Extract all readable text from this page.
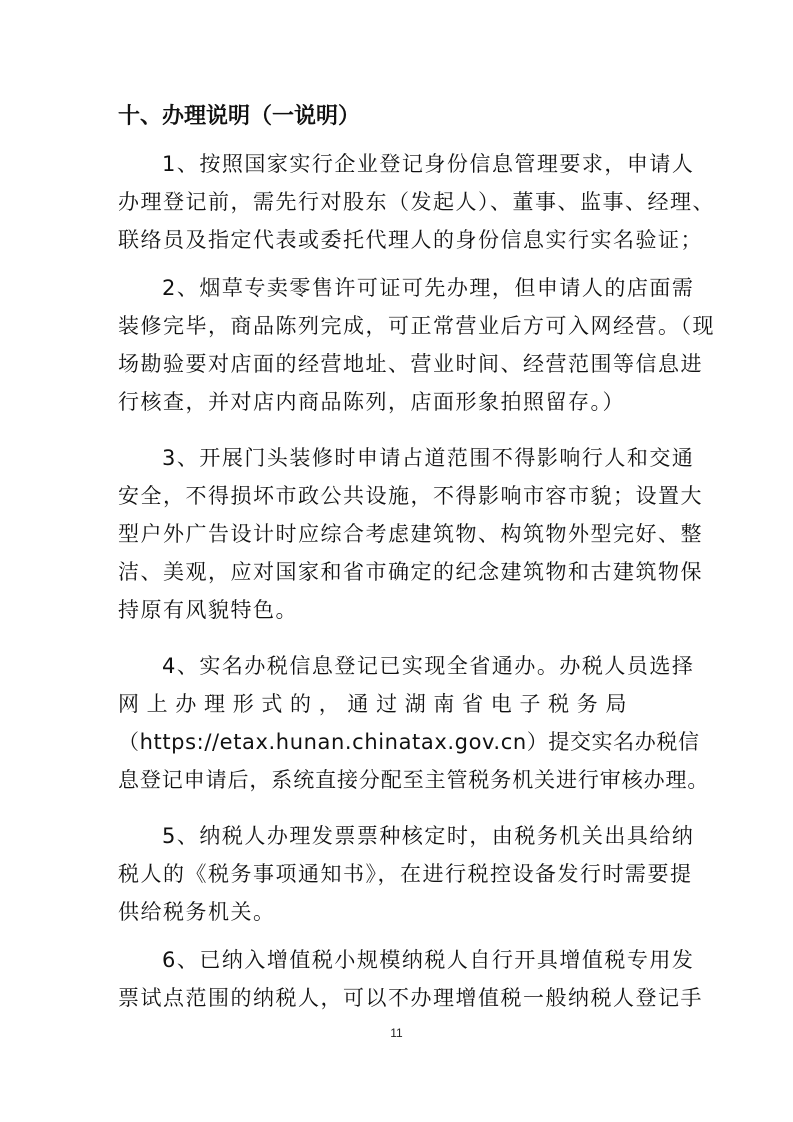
十、办理说明（一说明）

1、按照国家实行企业登记身份信息管理要求，申请人

办理登记前，需先行对股东（发起人）、董事、监事、经理、

联络员及指定代表或委托代理人的身份信息实行实名验证；

2、烟草专卖零售许可证可先办理，但申请人的店面需

装修完毕，商品陈列完成，可正常营业后方可入网经营。（现

场勘验要对店面的经营地址、营业时间、经营范围等信息进

行核查，并对店内商品陈列，店面形象拍照留存。）

3、开展门头装修时申请占道范围不得影响行人和交通

安全，不得损坏市政公共设施，不得影响市容市貌；设置大

型户外广告设计时应综合考虑建筑物、构筑物外型完好、整

洁、美观，应对国家和省市确定的纪念建筑物和古建筑物保

持原有风貌特色。

4、实名办税信息登记已实现全省通办。办税人员选择

网 上 办 理 形 式 的 ， 通 过 湖 南 省 电 子 税 务 局

（https://etax.hunan.chinatax.gov.cn）提交实名办税信

息登记申请后，系统直接分配至主管税务机关进行审核办理。

5、纳税人办理发票票种核定时，由税务机关出具给纳

税人的《税务事项通知书》，在进行税控设备发行时需要提

供给税务机关。

6、已纳入增值税小规模纳税人自行开具增值税专用发

票试点范围的纳税人，可以不办理增值税一般纳税人登记手

11
